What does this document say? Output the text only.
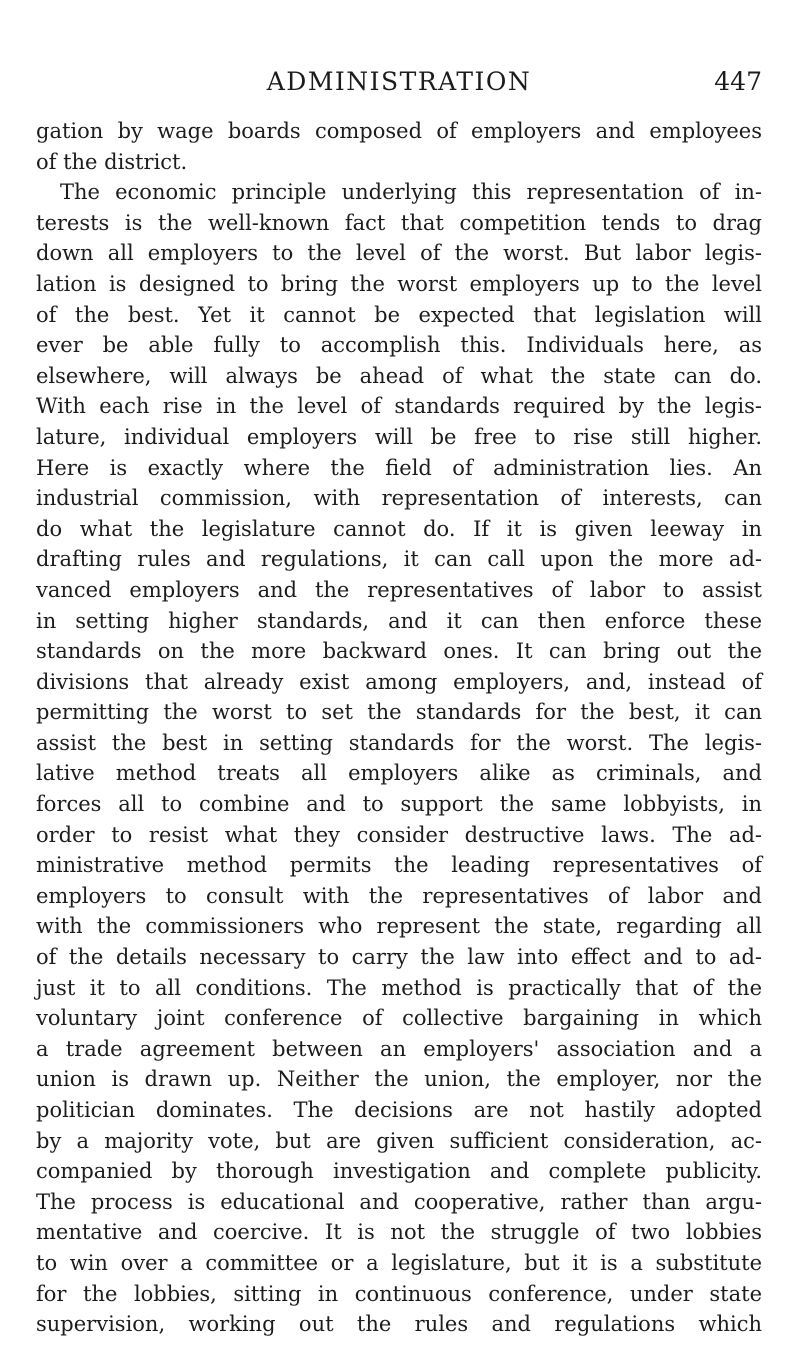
ADMINISTRATION	447
gation by wage boards composed of employers and employees
of the district.
The economic principle underlying this representation of in-
terests is the well-known fact that competition tends to drag
down all employers to the level of the worst. But labor legis-
lation is designed to bring the worst employers up to the level
of the best. Yet it cannot be expected that legislation will
ever be able fully to accomplish this. Individuals here, as
elsewhere, will always be ahead of what the state can do.
With each rise in the level of standards required by the legis-
lature, individual employers will be free to rise still higher.
Here is exactly where the field of administration lies. An
industrial commission, with representation of interests, can
do what the legislature cannot do. If it is given leeway in
drafting rules and regulations, it can call upon the more ad-
vanced employers and the representatives of labor to assist
in setting higher standards, and it can then enforce these
standards on the more backward ones. It can bring out the
divisions that already exist among employers, and, instead of
permitting the worst to set the standards for the best, it can
assist the best in setting standards for the worst. The legis-
lative method treats all employers alike as criminals, and
forces all to combine and to support the same lobbyists, in
order to resist what they consider destructive laws. The ad-
ministrative method permits the leading representatives of
employers to consult with the representatives of labor and
with the commissioners who represent the state, regarding all
of the details necessary to carry the law into effect and to ad-
just it to all conditions. The method is practically that of the
voluntary joint conference of collective bargaining in which
a trade agreement between an employers' association and a
union is drawn up. Neither the union, the employer, nor the
politician dominates. The decisions are not hastily adopted
by a majority vote, but are given sufficient consideration, ac-
companied by thorough investigation and complete publicity.
The process is educational and cooperative, rather than argu-
mentative and coercive. It is not the struggle of two lobbies
to win over a committee or a legislature, but it is a substitute
for the lobbies, sitting in continuous conference, under state
supervision, working out the rules and regulations which
